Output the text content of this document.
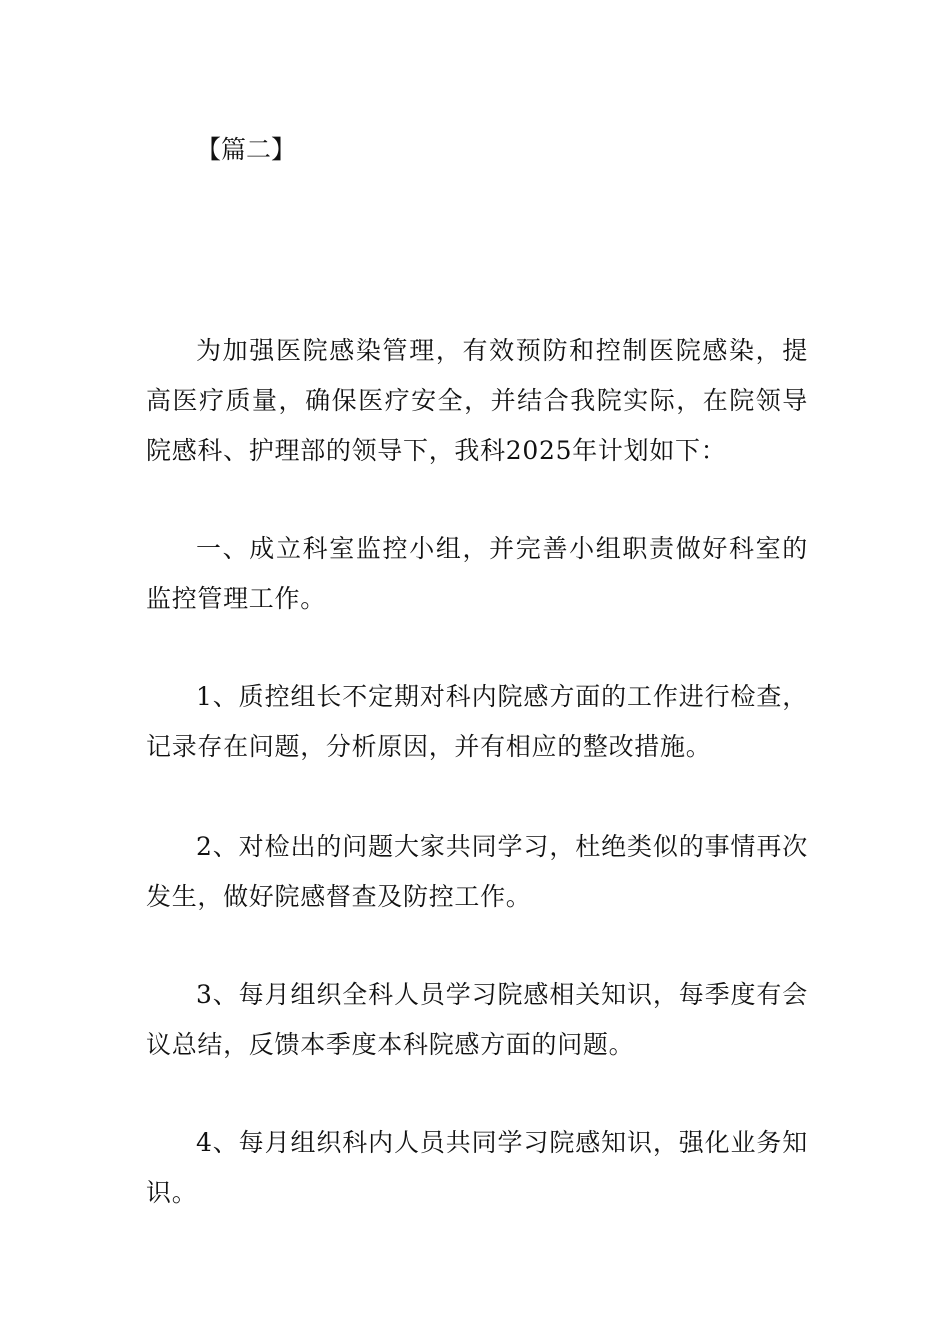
【篇二】

为加强医院感染管理，有效预防和控制医院感染，提高医疗质量，确保医疗安全，并结合我院实际，在院领导院感科、护理部的领导下，我科2025年计划如下：

一、成立科室监控小组，并完善小组职责做好科室的监控管理工作。

1、质控组长不定期对科内院感方面的工作进行检查，记录存在问题，分析原因，并有相应的整改措施。

2、对检出的问题大家共同学习，杜绝类似的事情再次发生，做好院感督查及防控工作。

3、每月组织全科人员学习院感相关知识，每季度有会议总结，反馈本季度本科院感方面的问题。

4、每月组织科内人员共同学习院感知识，强化业务知识。
